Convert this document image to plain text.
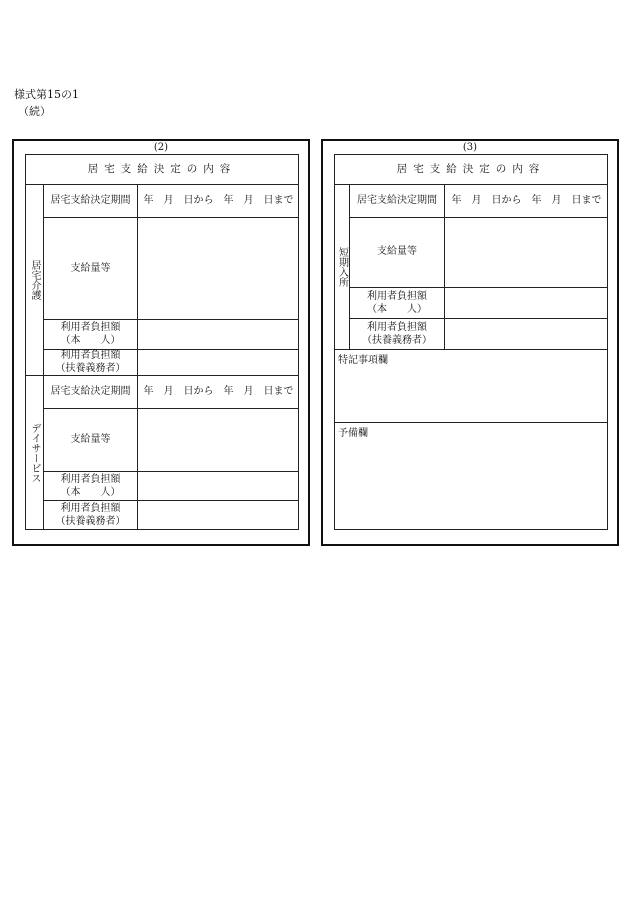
様式第15の1
（続）
(2)
居宅支給決定の内容
居宅介護
居宅支給決定期間	年　月　日から　年　月　日まで
支給量等
利用者負担額
（本　　人）
利用者負担額
（扶養義務者）
デイサービス
居宅支給決定期間	年　月　日から　年　月　日まで
支給量等
利用者負担額
（本　　人）
利用者負担額
（扶養義務者）
(3)
居宅支給決定の内容
短期入所
居宅支給決定期間	年　月　日から　年　月　日まで
支給量等
利用者負担額
（本　　人）
利用者負担額
（扶養義務者）
特記事項欄
予備欄
